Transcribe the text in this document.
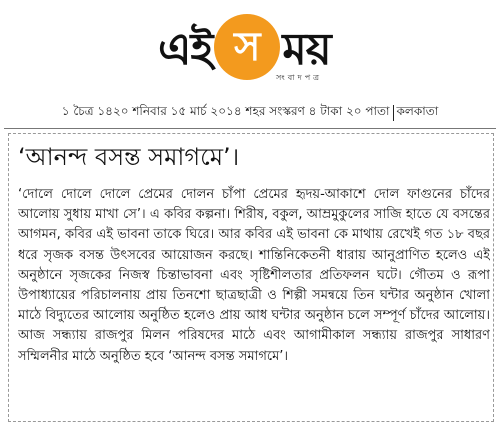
এই স ময়
সংবাদপত্র
১ চৈত্র ১৪২০ শনিবার ১৫ মার্চ ২০১৪ শহর সংস্করণ ৪ টাকা ২০ পাতা কলকাতা
‘আনন্দ বসন্ত সমাগমে’।

‘দোলে দোলে দোলে প্রেমের দোলন চাঁপা প্রেমের হৃদয়-আকাশে দোল ফাগুনের চাঁদের আলোয় সুধায় মাখা সে’। এ কবির কল্পনা। শিরীষ, বকুল, আম্রমুকুলের সাজি হাতে যে বসন্তের আগমন, কবির এই ভাবনা তাকে ঘিরে। আর কবির এই ভাবনা কে মাথায় রেখেই গত ১৮ বছর ধরে সৃজক বসন্ত উৎসবের আয়োজন করছে। শান্তিনিকেতনী ধারায় আনুপ্রাণিত হলেও এই অনুষ্ঠানে সৃজকের নিজস্ব চিন্তাভাবনা এবং সৃষ্টিশীলতার প্রতিফলন ঘটে। গৌতম ও রূপা উপাধ্যায়ের পরিচালনায় প্রায় তিনশো ছাত্রছাত্রী ও শিল্পী সমন্বয়ে তিন ঘন্টার অনুষ্ঠান খোলা মাঠে বিদ্যুতের আলোয় অনুষ্ঠিত হলেও প্রায় আধ ঘন্টার অনুষ্ঠান চলে সম্পূর্ণ চাঁদের আলোয়। আজ সন্ধ্যায় রাজপুর মিলন পরিষদের মাঠে এবং আগামীকাল সন্ধ্যায় রাজপুর সাধারণ সম্মিলনীর মাঠে অনুষ্ঠিত হবে ‘আনন্দ বসন্ত সমাগমে’।
